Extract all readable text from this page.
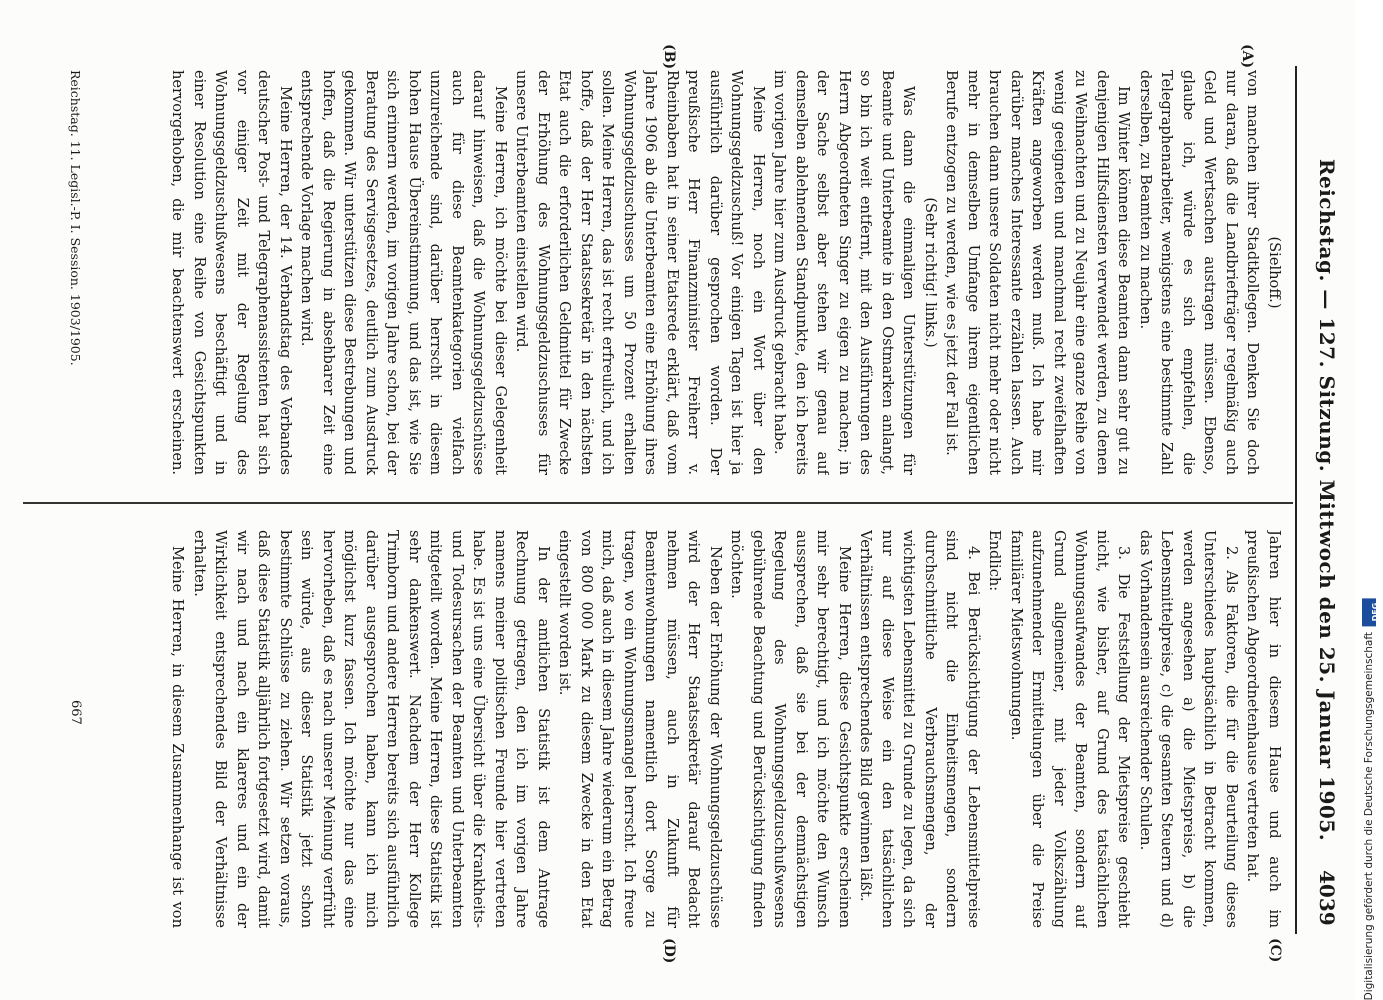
Reichstag. — 127. Sitzung. Mittwoch den 25. Januar 1905.
4039
(A)
(B)
(C)
(D)

(Sielhoff.)

von manchen ihrer Stadtkollegen. Denken Sie doch nur daran, daß die Landbriefträger regelmäßig auch Geld und Wertsachen austragen müssen. Ebenso, glaube ich, würde es sich empfehlen, die Telegraphenarbeiter, wenigstens eine bestimmte Zahl derselben, zu Beamten zu machen.

Im Winter können diese Beamten dann sehr gut zu denjenigen Hilfsdiensten verwendet werden, zu denen zu Weihnachten und zu Neujahr eine ganze Reihe von wenig geeigneten und manchmal recht zweifelhaften Kräften angeworben werden muß. Ich habe mir darüber manches Interessante erzählen lassen. Auch brauchen dann unsere Soldaten nicht mehr oder nicht mehr in demselben Umfange ihrem eigentlichen Berufe entzogen zu werden, wie es jetzt der Fall ist.

(Sehr richtig! links.)

Was dann die einmaligen Unterstützungen für Beamte und Unterbeamte in den Ostmarken anlangt, so bin ich weit entfernt, mit den Ausführungen des Herrn Abgeordneten Singer zu eigen zu machen; in der Sache selbst aber stehen wir genau auf demselben ablehnenden Standpunkte, den ich bereits im vorigen Jahre hier zum Ausdruck gebracht habe.

Meine Herren, noch ein Wort über den Wohnungsgeldzuschuß! Vor einigen Tagen ist hier ja ausführlich darüber gesprochen worden. Der preußische Herr Finanzminister Freiherr v. Rheinbaben hat in seiner Etatsrede erklärt, daß vom Jahre 1906 ab die Unterbeamten eine Erhöhung ihres Wohnungsgeldzuschusses um 50 Prozent erhalten sollen. Meine Herren, das ist recht erfreulich, und ich hoffe, daß der Herr Staatssekretär in den nächsten Etat auch die erforderlichen Geldmittel für Zwecke der Erhöhung des Wohnungsgeldzuschusses für unsere Unterbeamten einstellen wird.

Meine Herren, ich möchte bei dieser Gelegenheit darauf hinweisen, daß die Wohnungsgeldzuschüsse auch für diese Beamtenkategorien vielfach unzureichende sind, darüber herrscht in diesem hohen Hause Übereinstimmung, und das ist, wie Sie sich erinnern werden, im vorigen Jahre schon, bei der Beratung des Servisgesetzes, deutlich zum Ausdruck gekommen. Wir unterstützen diese Bestrebungen und hoffen, daß die Regierung in absehbarer Zeit eine entsprechende Vorlage machen wird.

Meine Herren, der 14. Verbandstag des Verbandes deutscher Post- und Telegraphenassistenten hat sich vor einiger Zeit mit der Regelung des Wohnungsgeldzuschußwesens beschäftigt und in einer Resolution eine Reihe von Gesichtspunkten hervorgehoben, die mir beachtenswert erscheinen.

Jahren hier in diesem Hause und auch im preußischen Abgeordnetenhause vertreten hat.

2. Als Faktoren, die für die Beurteilung dieses Unterschiedes hauptsächlich in Betracht kommen, werden angesehen a) die Mietspreise, b) die Lebensmittelpreise, c) die gesamten Steuern und d) das Vorhandensein ausreichender Schulen.

3. Die Feststellung der Mietspreise geschieht nicht, wie bisher, auf Grund des tatsächlichen Wohnungsaufwandes der Beamten, sondern auf Grund allgemeiner, mit jeder Volkszählung aufzunehmender Ermittelungen über die Preise familiärer Mietswohnungen.

Endlich:

4. Bei Berücksichtigung der Lebensmittelpreise sind nicht die Einheitsmengen, sondern durchschnittliche Verbrauchsmengen, der wichtigsten Lebensmittel zu Grunde zu legen, da sich nur auf diese Weise ein den tatsächlichen Verhältnissen entsprechendes Bild gewinnen läßt.

Meine Herren, diese Gesichtspunkte erscheinen mir sehr berechtigt, und ich möchte den Wunsch aussprechen, daß sie bei der demnächstigen Regelung des Wohnungsgeldzuschußwesens gebührende Beachtung und Berücksichtigung finden möchten.

Neben der Erhöhung der Wohnungsgeldzuschüsse wird der Herr Staatssekretär darauf Bedacht nehmen müssen, auch in Zukunft für Beamtenwohnungen namentlich dort Sorge zu tragen, wo ein Wohnungsmangel herrscht. Ich freue mich, daß auch in diesem Jahre wiederum ein Betrag von 800 000 Mark zu diesem Zwecke in den Etat eingestellt worden ist.

In der amtlichen Statistik ist dem Antrage Rechnung getragen, den ich im vorigen Jahre namens meiner politischen Freunde hier vertreten habe. Es ist uns eine Übersicht über die Krankheits- und Todesursachen der Beamten und Unterbeamten mitgeteilt worden. Meine Herren, diese Statistik ist sehr dankenswert. Nachdem der Herr Kollege Trimborn und andere Herren bereits sich ausführlich darüber ausgesprochen haben, kann ich mich möglichst kurz fassen. Ich möchte nur das eine hervorheben, daß es nach unserer Meinung verfrüht sein würde, aus dieser Statistik jetzt schon bestimmte Schlüsse zu ziehen. Wir setzen voraus, daß diese Statistik alljährlich fortgesetzt wird, damit wir nach und nach ein klareres und ein der Wirklichkeit entsprechendes Bild der Verhältnisse erhalten.

Meine Herren, in diesem Zusammenhange ist von

Reichstag. 11. Legisl.-P. I. Session. 1903/1905.
667	Digitalisierung gefördert durch die Deutsche Forschungsgemeinschaft
DFG
